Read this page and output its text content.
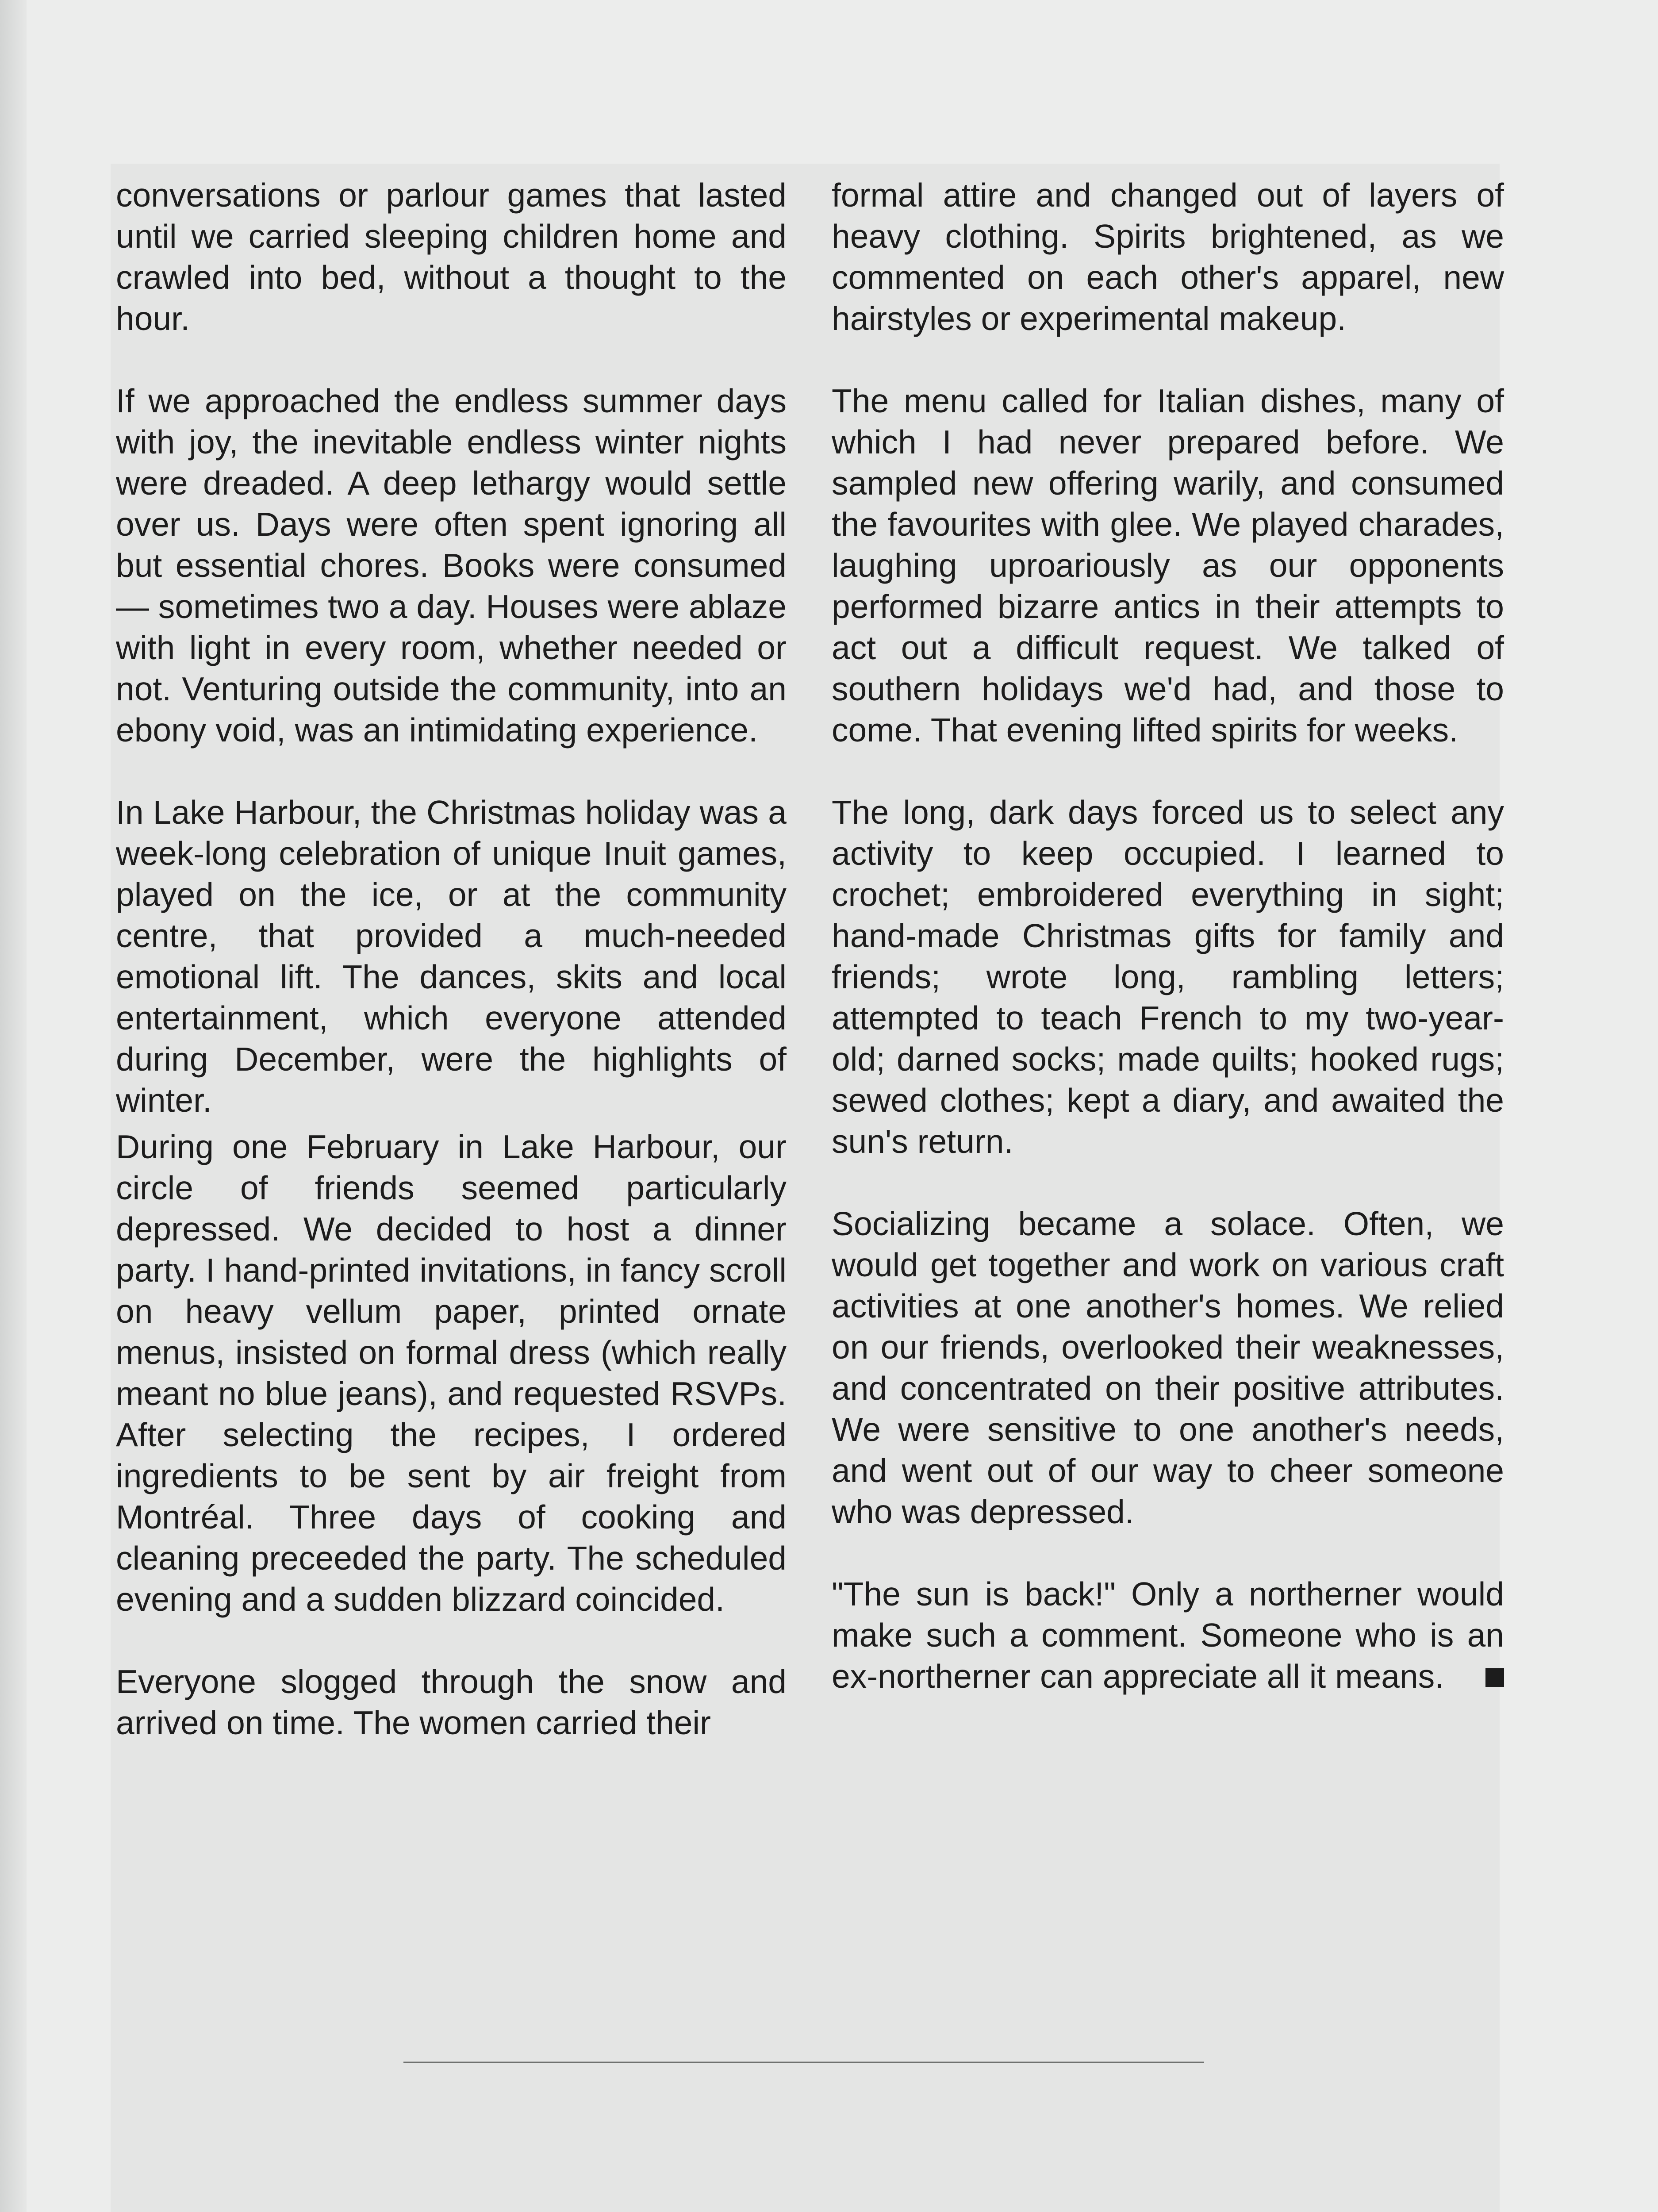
conversations or parlour games that lasted until we carried sleeping children home and crawled into bed, without a thought to the hour.

If we approached the endless summer days with joy, the inevitable endless winter nights were dreaded. A deep lethargy would settle over us. Days were often spent ignoring all but essential chores. Books were consumed — sometimes two a day. Houses were ablaze with light in every room, whether needed or not. Venturing outside the community, into an ebony void, was an intimidating experience.

In Lake Harbour, the Christmas holiday was a week-long celebration of unique Inuit games, played on the ice, or at the community centre, that provided a much-needed emotional lift. The dances, skits and local entertainment, which everyone attended during December, were the highlights of winter.

During one February in Lake Harbour, our circle of friends seemed particularly depressed. We decided to host a dinner party. I hand-printed invitations, in fancy scroll on heavy vellum paper, printed ornate menus, insisted on formal dress (which really meant no blue jeans), and requested RSVPs. After selecting the recipes, I ordered ingredients to be sent by air freight from Montréal. Three days of cooking and cleaning preceeded the party. The scheduled evening and a sudden blizzard coincided.

Everyone slogged through the snow and arrived on time. The women carried their

formal attire and changed out of layers of heavy clothing. Spirits brightened, as we commented on each other's apparel, new hairstyles or experimental makeup.

The menu called for Italian dishes, many of which I had never prepared before. We sampled new offering warily, and consumed the favourites with glee. We played charades, laughing uproariously as our opponents performed bizarre antics in their attempts to act out a difficult request. We talked of southern holidays we'd had, and those to come. That evening lifted spirits for weeks.

The long, dark days forced us to select any activity to keep occupied. I learned to crochet; embroidered everything in sight; hand-made Christmas gifts for family and friends; wrote long, rambling letters; attempted to teach French to my two-year-old; darned socks; made quilts; hooked rugs; sewed clothes; kept a diary, and awaited the sun's return.

Socializing became a solace. Often, we would get together and work on various craft activities at one another's homes. We relied on our friends, overlooked their weaknesses, and concentrated on their positive attributes. We were sensitive to one another's needs, and went out of our way to cheer someone who was depressed.

"The sun is back!" Only a northerner would make such a comment. Someone who is an ex-northerner can appreciate all it means.
